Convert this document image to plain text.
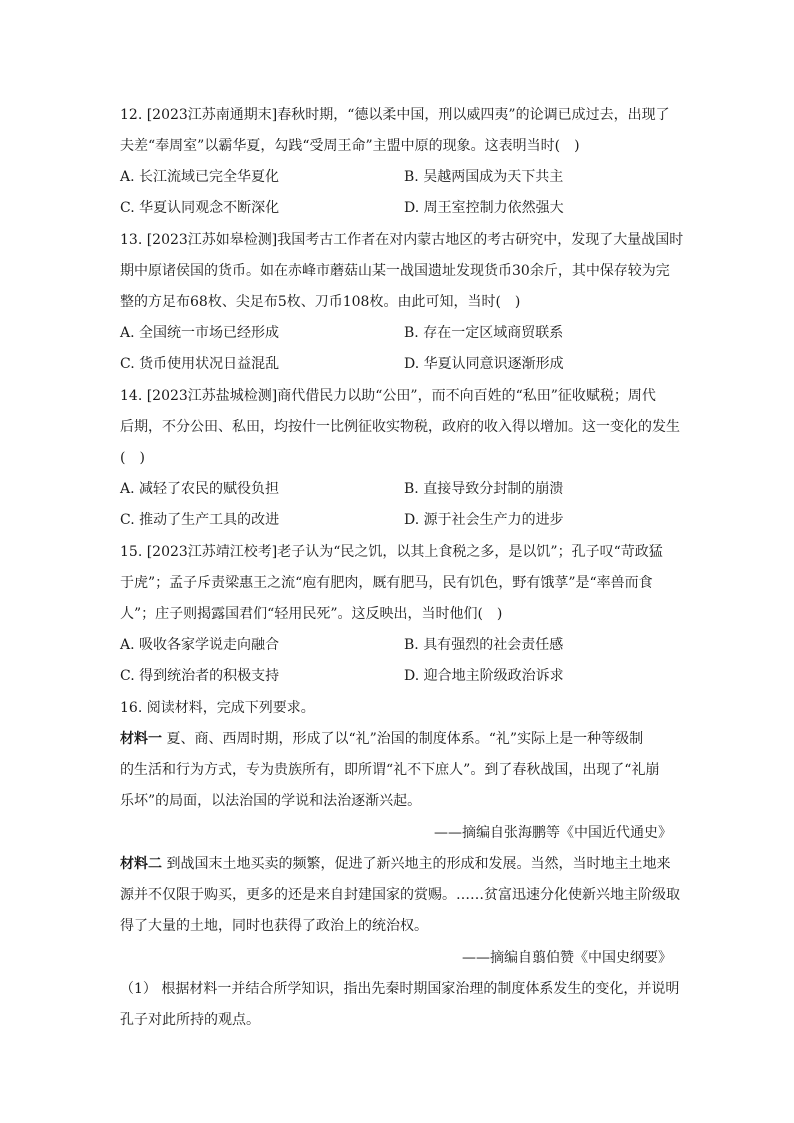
12. [2023江苏南通期末]春秋时期，“德以柔中国，刑以威四夷”的论调已成过去，出现了
夫差“奉周室”以霸华夏，勾践“受周王命”主盟中原的现象。这表明当时(　)
A. 长江流域已完全华夏化	B. 吴越两国成为天下共主
C. 华夏认同观念不断深化	D. 周王室控制力依然强大
13. [2023江苏如皋检测]我国考古工作者在对内蒙古地区的考古研究中，发现了大量战国时
期中原诸侯国的货币。如在赤峰市蘑菇山某一战国遗址发现货币30余斤，其中保存较为完
整的方足布68枚、尖足布5枚、刀币108枚。由此可知，当时(　)
A. 全国统一市场已经形成	B. 存在一定区域商贸联系
C. 货币使用状况日益混乱	D. 华夏认同意识逐渐形成
14. [2023江苏盐城检测]商代借民力以助“公田”，而不向百姓的“私田”征收赋税；周代
后期，不分公田、私田，均按什一比例征收实物税，政府的收入得以增加。这一变化的发生
(　)
A. 减轻了农民的赋役负担	B. 直接导致分封制的崩溃
C. 推动了生产工具的改进	D. 源于社会生产力的进步
15. [2023江苏靖江校考]老子认为“民之饥，以其上食税之多，是以饥”；孔子叹“苛政猛
于虎”；孟子斥责梁惠王之流“庖有肥肉，厩有肥马，民有饥色，野有饿莩”是“率兽而食
人”；庄子则揭露国君们“轻用民死”。这反映出，当时他们(　)
A. 吸收各家学说走向融合	B. 具有强烈的社会责任感
C. 得到统治者的积极支持	D. 迎合地主阶级政治诉求
16. 阅读材料，完成下列要求。
材料一 夏、商、西周时期，形成了以“礼”治国的制度体系。“礼”实际上是一种等级制
的生活和行为方式，专为贵族所有，即所谓“礼不下庶人”。到了春秋战国，出现了“礼崩
乐坏”的局面，以法治国的学说和法治逐渐兴起。
——摘编自张海鹏等《中国近代通史》
材料二 到战国末土地买卖的频繁，促进了新兴地主的形成和发展。当然，当时地主土地来
源并不仅限于购买，更多的还是来自封建国家的赏赐。……贫富迅速分化使新兴地主阶级取
得了大量的土地，同时也获得了政治上的统治权。
——摘编自翦伯赞《中国史纲要》
（1） 根据材料一并结合所学知识，指出先秦时期国家治理的制度体系发生的变化，并说明
孔子对此所持的观点。
